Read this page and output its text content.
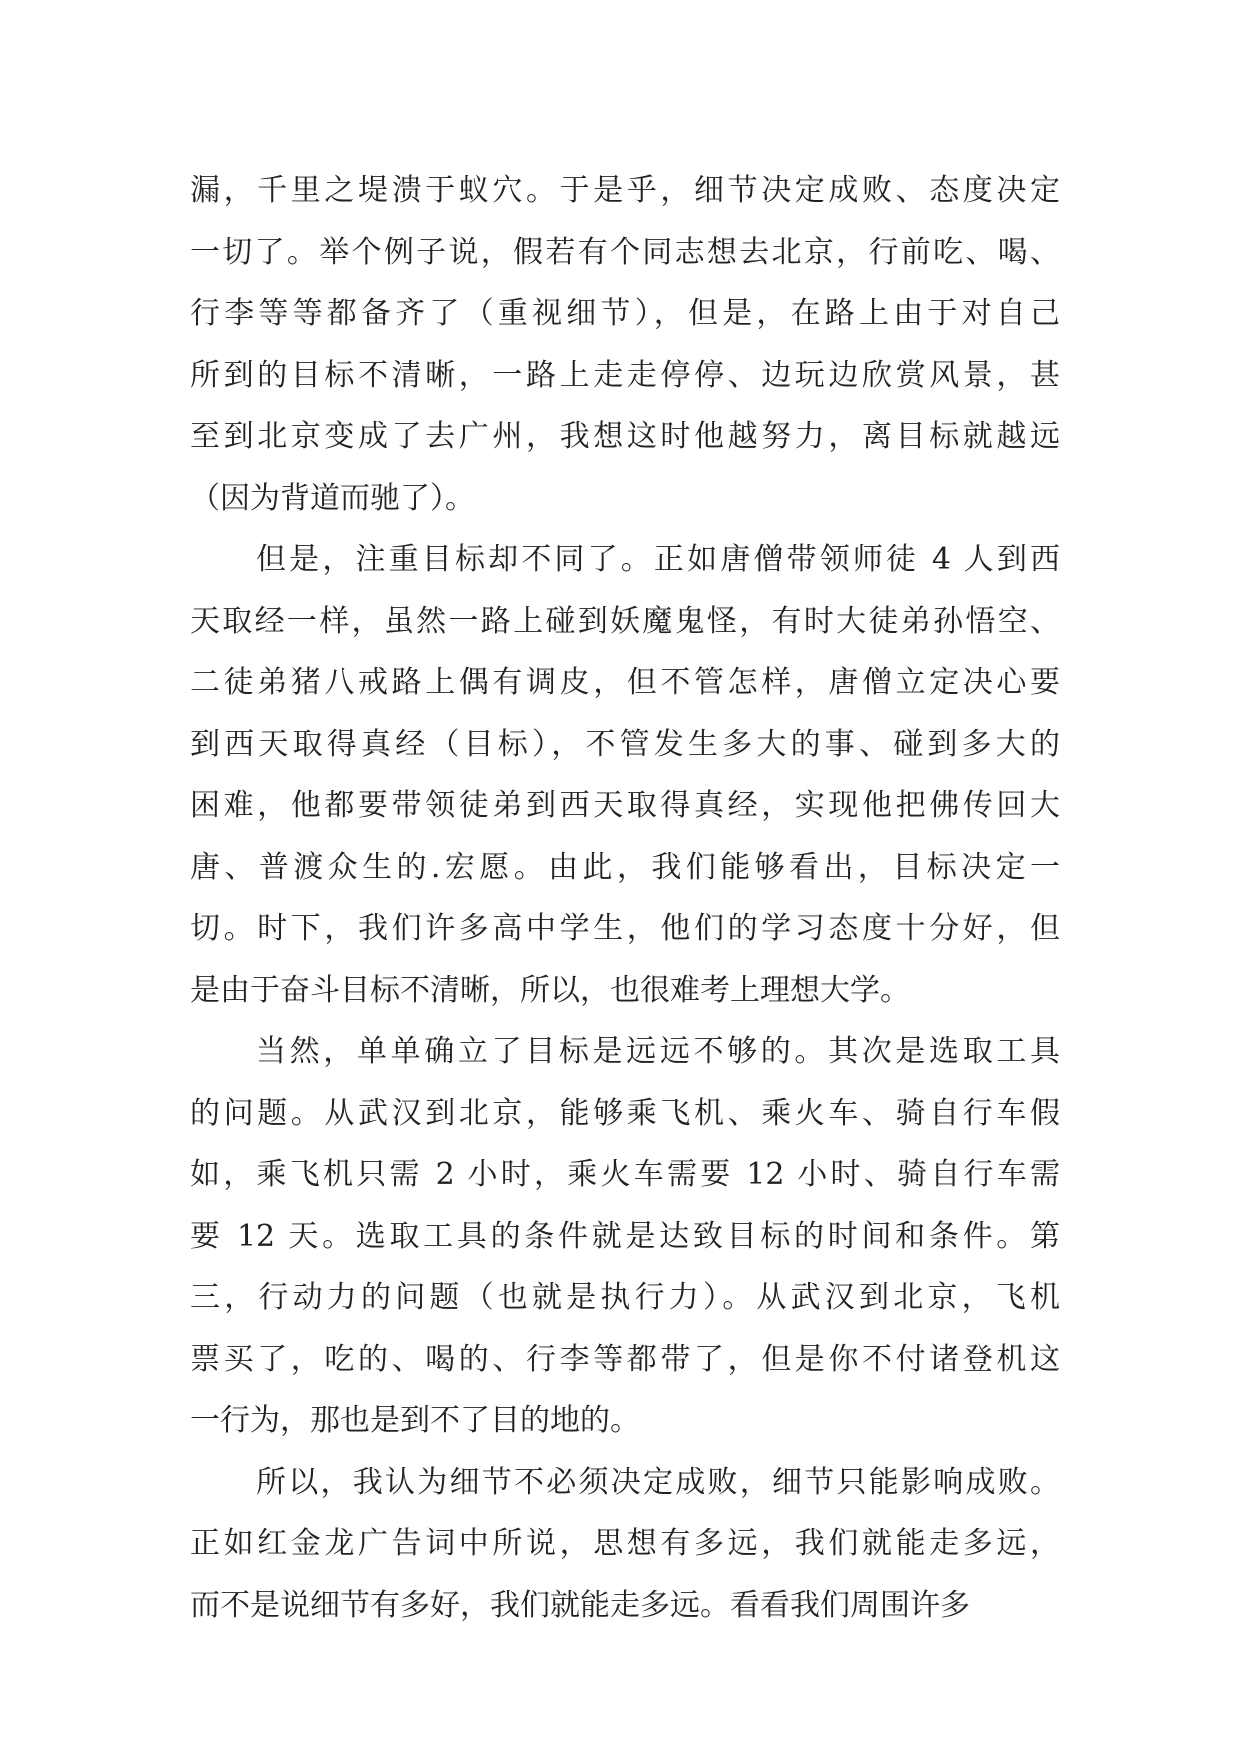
漏，千里之堤溃于蚁穴。于是乎，细节决定成败、态度决定
一切了。举个例子说，假若有个同志想去北京，行前吃、喝、
行李等等都备齐了（重视细节），但是，在路上由于对自己
所到的目标不清晰，一路上走走停停、边玩边欣赏风景，甚
至到北京变成了去广州，我想这时他越努力，离目标就越远
（因为背道而驰了）。
但是，注重目标却不同了。正如唐僧带领师徒 4 人到西
天取经一样，虽然一路上碰到妖魔鬼怪，有时大徒弟孙悟空、
二徒弟猪八戒路上偶有调皮，但不管怎样，唐僧立定决心要
到西天取得真经（目标），不管发生多大的事、碰到多大的
困难，他都要带领徒弟到西天取得真经，实现他把佛传回大
唐、普渡众生的.宏愿。由此，我们能够看出，目标决定一
切。时下，我们许多高中学生，他们的学习态度十分好，但
是由于奋斗目标不清晰，所以，也很难考上理想大学。
当然，单单确立了目标是远远不够的。其次是选取工具
的问题。从武汉到北京，能够乘飞机、乘火车、骑自行车假
如，乘飞机只需 2 小时，乘火车需要 12 小时、骑自行车需
要 12 天。选取工具的条件就是达致目标的时间和条件。第
三，行动力的问题（也就是执行力）。从武汉到北京，飞机
票买了，吃的、喝的、行李等都带了，但是你不付诸登机这
一行为，那也是到不了目的地的。
所以，我认为细节不必须决定成败，细节只能影响成败。
正如红金龙广告词中所说，思想有多远，我们就能走多远，
而不是说细节有多好，我们就能走多远。看看我们周围许多
